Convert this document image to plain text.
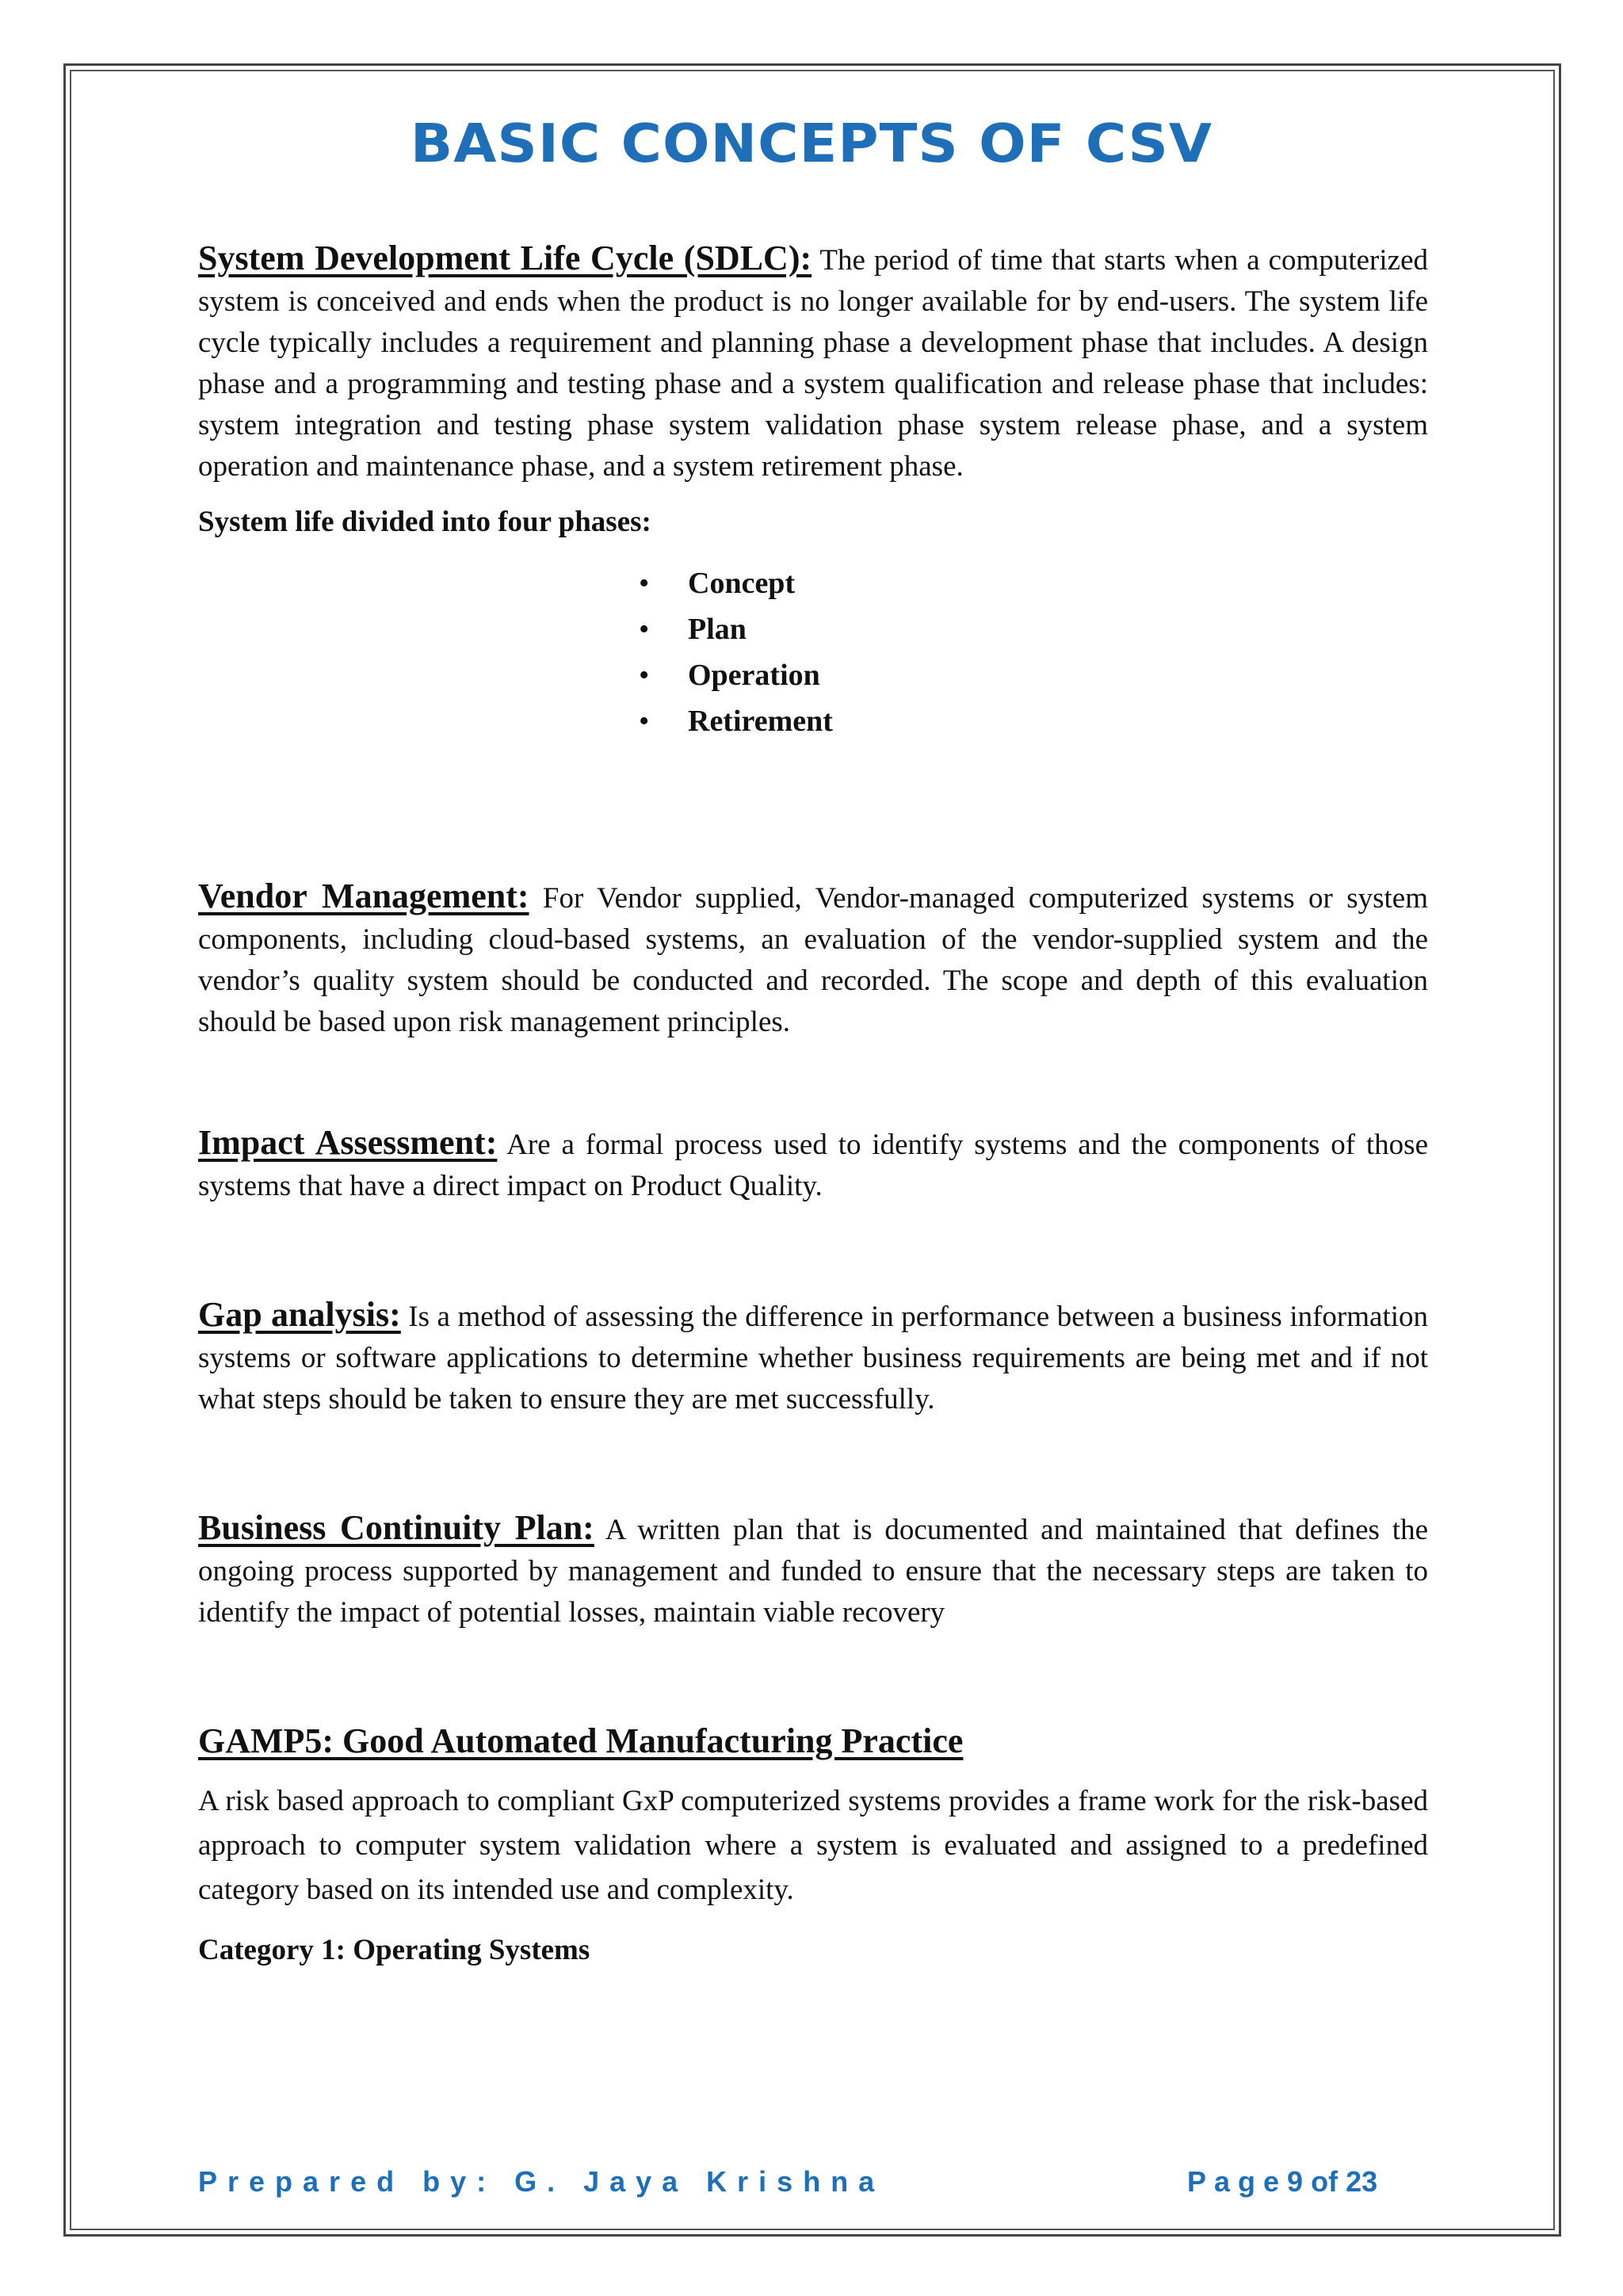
BASIC CONCEPTS OF CSV

System Development Life Cycle (SDLC): The period of time that starts when a computerized system is conceived and ends when the product is no longer available for by end-users. The system life cycle typically includes a requirement and planning phase a development phase that includes. A design phase and a programming and testing phase and a system qualification and release phase that includes: system integration and testing phase system validation phase system release phase, and a system operation and maintenance phase, and a system retirement phase.

System life divided into four phases:

• Concept
• Plan
• Operation
• Retirement

Vendor Management: For Vendor supplied, Vendor-managed computerized systems or system components, including cloud-based systems, an evaluation of the vendor-supplied system and the vendor’s quality system should be conducted and recorded. The scope and depth of this evaluation should be based upon risk management principles.

Impact Assessment: Are a formal process used to identify systems and the components of those systems that have a direct impact on Product Quality.

Gap analysis: Is a method of assessing the difference in performance between a business information systems or software applications to determine whether business requirements are being met and if not what steps should be taken to ensure they are met successfully.

Business Continuity Plan: A written plan that is documented and maintained that defines the ongoing process supported by management and funded to ensure that the necessary steps are taken to identify the impact of potential losses, maintain viable recovery

GAMP5: Good Automated Manufacturing Practice

A risk based approach to compliant GxP computerized systems provides a frame work for the risk-based approach to computer system validation where a system is evaluated and assigned to a predefined category based on its intended use and complexity.

Category 1: Operating Systems

Prepared by: G. Jaya Krishna	Page9 of 23
